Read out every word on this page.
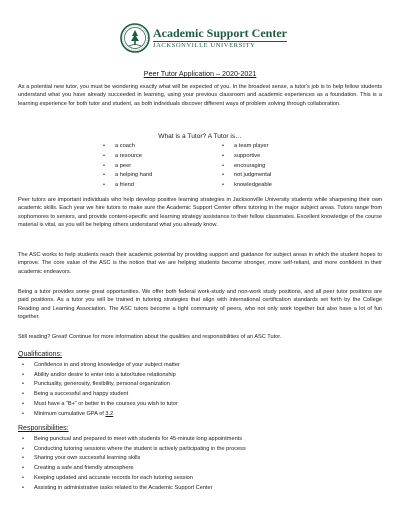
Academic Support Center
JACKSONVILLE UNIVERSITY
Peer Tutor Application – 2020-2021

As a potential new tutor, you must be wondering exactly what will be expected of you. In the broadest sense, a tutor's job is to help fellow students understand what you have already succeeded in learning, using your previous classroom and academic experiences as a foundation. This is a learning experience for both tutor and student, as both individuals discover different ways of problem solving through collaboration.

What is a Tutor? A Tutor is…
• a coach
• a resource
• a peer
• a helping hand
• a friend
• a team player
• supportive
• encouraging
• not judgmental
• knowledgeable

Peer tutors are important individuals who help develop positive learning strategies in Jacksonville University students while sharpening their own academic skills. Each year we hire tutors to make sure the Academic Support Center offers tutoring in the major subject areas. Tutors range from sophomores to seniors, and provide content-specific and learning strategy assistance to their fellow classmates. Excellent knowledge of the course material is vital, as you will be helping others understand what you already know.

The ASC works to help students reach their academic potential by providing support and guidance for subject areas in which the student hopes to improve. The core value of the ASC is the notion that we are helping students become stronger, more self-reliant, and more confident in their academic endeavors.

Being a tutor provides some great opportunities. We offer both federal work-study and non-work study positions, and all peer tutor positions are paid positions. As a tutor you will be trained in tutoring strategies that align with international certification standards set forth by the College Reading and Learning Association. The ASC tutors become a tight community of peers, who not only work together but also have a lot of fun together.

Still reading? Great! Continue for more information about the qualities and responsibilities of an ASC Tutor.

Qualifications:
• Confidence in and strong knowledge of your subject matter
• Ability and/or desire to enter into a tutor/tutee relationship
• Punctuality, generosity, flexibility, personal organization
• Being a successful and happy student
• Must have a “B+” or better in the courses you wish to tutor
• Minimum cumulative GPA of 3.2
Responsibilities:
• Being punctual and prepared to meet with students for 45-minute long appointments
• Conducting tutoring sessions where the student is actively participating in the process
• Sharing your own successful learning skills
• Creating a safe and friendly atmosphere
• Keeping updated and accurate records for each tutoring session
• Assisting in administrative tasks related to the Academic Support Center
